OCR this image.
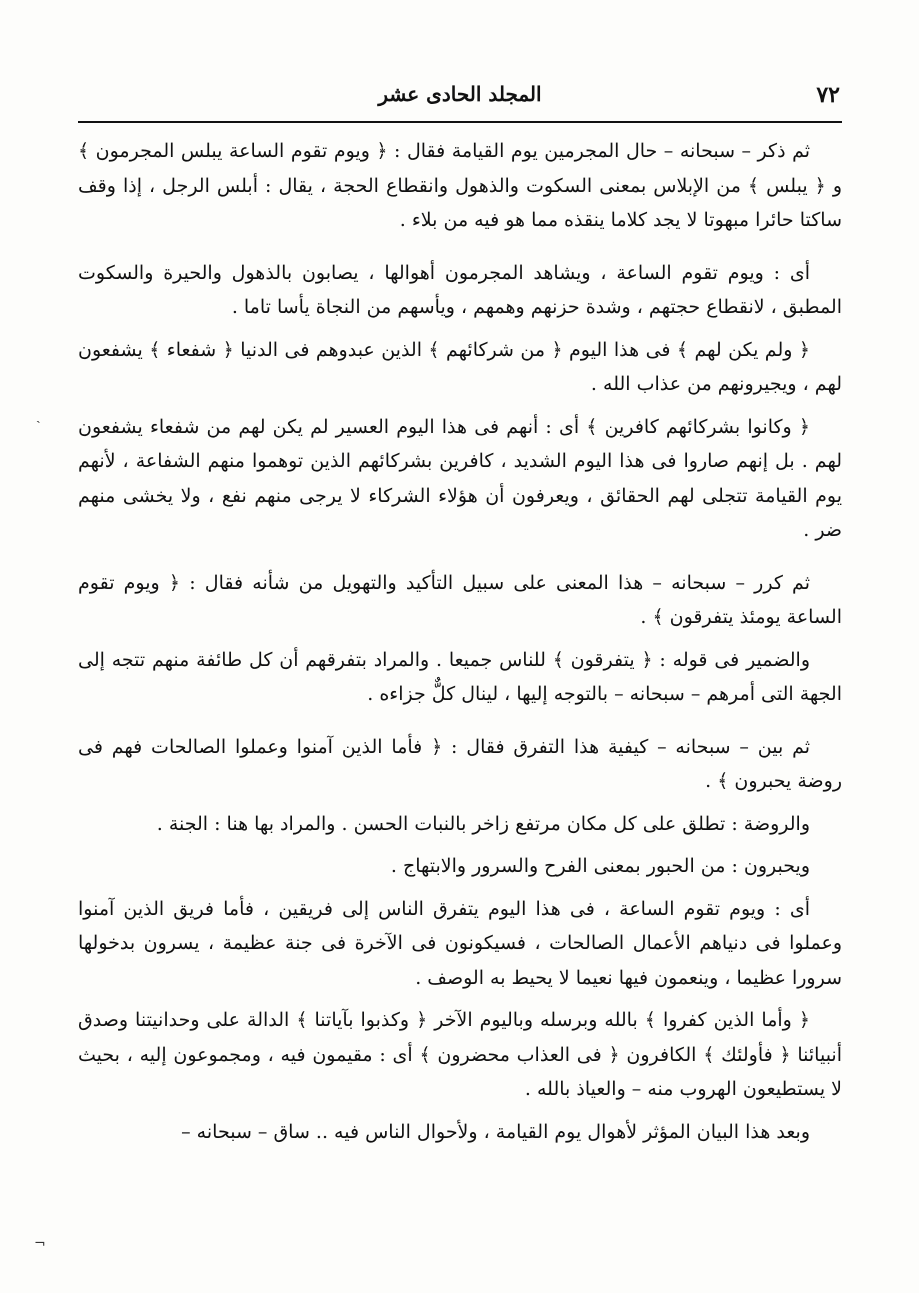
٧٢
المجلد الحادى عشر

ثم ذكر – سبحانه – حال المجرمين يوم القيامة فقال : ﴿ ويوم تقوم الساعة يبلس المجرمون ﴾ و ﴿ يبلس ﴾ من الإبلاس بمعنى السكوت والذهول وانقطاع الحجة ، يقال : أبلس الرجل ، إذا وقف ساكتا حائرا مبهوتا لا يجد كلاما ينقذه مما هو فيه من بلاء .

أى : ويوم تقوم الساعة ، ويشاهد المجرمون أهوالها ، يصابون بالذهول والحيرة والسكوت المطبق ، لانقطاع حجتهم ، وشدة حزنهم وهمهم ، ويأسهم من النجاة يأسا تاما .

﴿ ولم يكن لهم ﴾ فى هذا اليوم ﴿ من شركائهم ﴾ الذين عبدوهم فى الدنيا ﴿ شفعاء ﴾ يشفعون لهم ، ويجيرونهم من عذاب الله .

﴿ وكانوا بشركائهم كافرين ﴾ أى : أنهم فى هذا اليوم العسير لم يكن لهم من شفعاء يشفعون لهم . بل إنهم صاروا فى هذا اليوم الشديد ، كافرين بشركائهم الذين توهموا منهم الشفاعة ، لأنهم يوم القيامة تتجلى لهم الحقائق ، ويعرفون أن هؤلاء الشركاء لا يرجى منهم نفع ، ولا يخشى منهم ضر .

ثم كرر – سبحانه – هذا المعنى على سبيل التأكيد والتهويل من شأنه فقال : ﴿ ويوم تقوم الساعة يومئذ يتفرقون ﴾ .

والضمير فى قوله : ﴿ يتفرقون ﴾ للناس جميعا . والمراد بتفرقهم أن كل طائفة منهم تتجه إلى الجهة التى أمرهم – سبحانه – بالتوجه إليها ، لينال كلٌّ جزاءه .

ثم بين – سبحانه – كيفية هذا التفرق فقال : ﴿ فأما الذين آمنوا وعملوا الصالحات فهم فى روضة يحبرون ﴾ .

والروضة : تطلق على كل مكان مرتفع زاخر بالنبات الحسن . والمراد بها هنا : الجنة .

ويحبرون : من الحبور بمعنى الفرح والسرور والابتهاج .

أى : ويوم تقوم الساعة ، فى هذا اليوم يتفرق الناس إلى فريقين ، فأما فريق الذين آمنوا وعملوا فى دنياهم الأعمال الصالحات ، فسيكونون فى الآخرة فى جنة عظيمة ، يسرون بدخولها سرورا عظيما ، وينعمون فيها نعيما لا يحيط به الوصف .

﴿ وأما الذين كفروا ﴾ بالله وبرسله وباليوم الآخر ﴿ وكذبوا بآياتنا ﴾ الدالة على وحدانيتنا وصدق أنبيائنا ﴿ فأولئك ﴾ الكافرون ﴿ فى العذاب محضرون ﴾ أى : مقيمون فيه ، ومجموعون إليه ، بحيث لا يستطيعون الهروب منه – والعياذ بالله .

وبعد هذا البيان المؤثر لأهوال يوم القيامة ، ولأحوال الناس فيه .. ساق – سبحانه –

ˏ
¬
